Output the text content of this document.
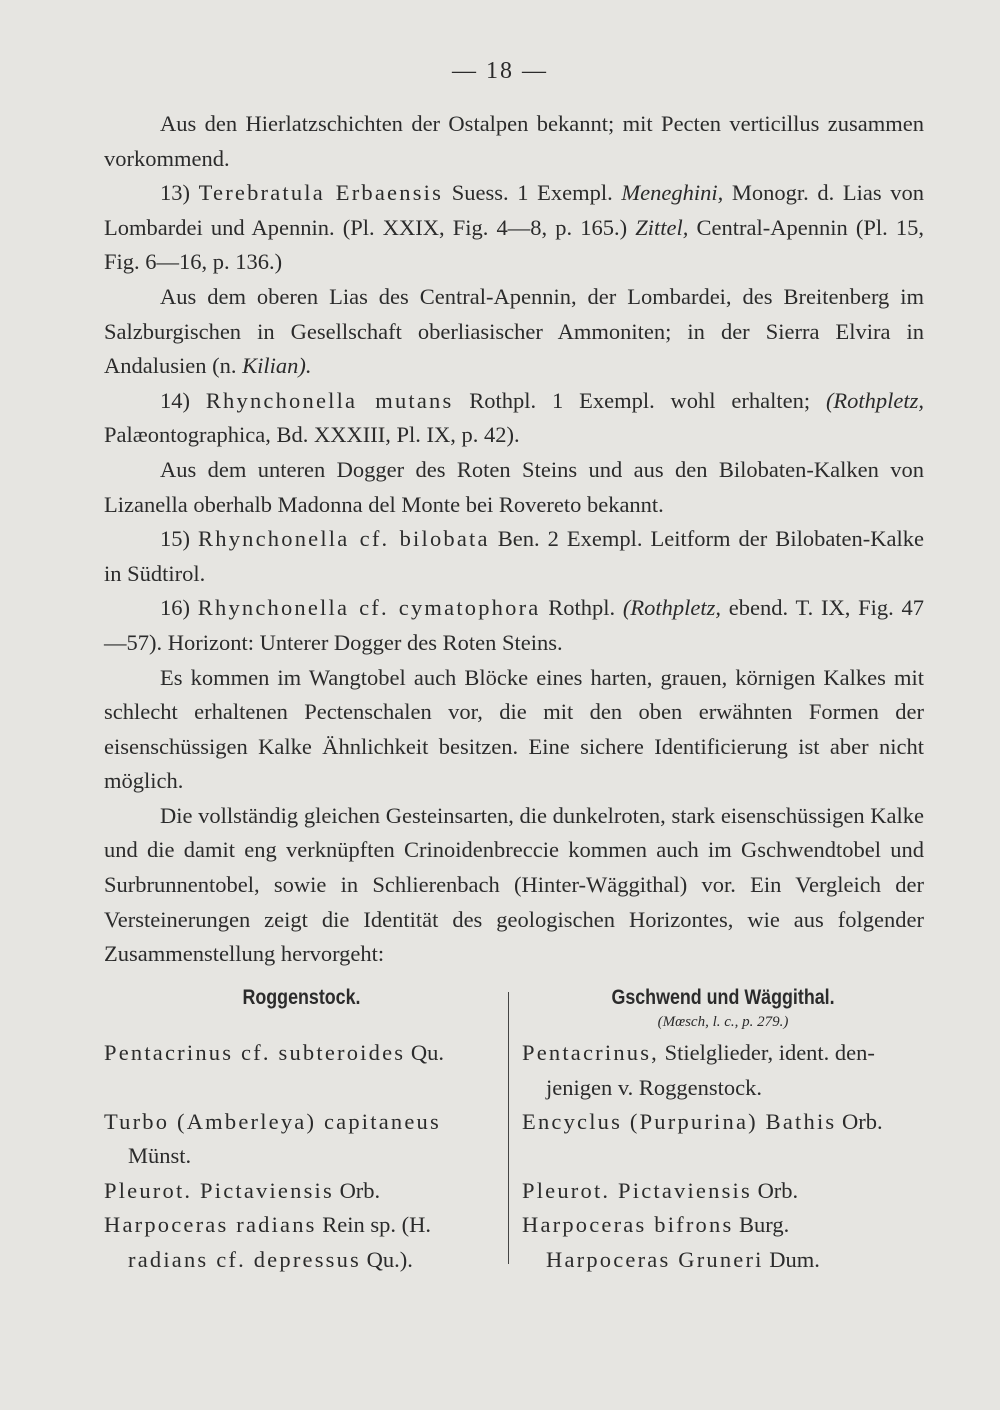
— 18 —

Aus den Hierlatzschichten der Ostalpen bekannt; mit Pecten verticillus zusammen vorkommend.

13) Terebratula Erbaensis Suess. 1 Exempl. Meneghini, Monogr. d. Lias von Lombardei und Apennin. (Pl. XXIX, Fig. 4—8, p. 165.) Zittel, Central-Apennin (Pl. 15, Fig. 6—16, p. 136.)

Aus dem oberen Lias des Central-Apennin, der Lombardei, des Breitenberg im Salzburgischen in Gesellschaft oberliasischer Ammoniten; in der Sierra Elvira in Andalusien (n. Kilian).

14) Rhynchonella mutans Rothpl. 1 Exempl. wohl erhalten; (Rothpletz, Palæontographica, Bd. XXXIII, Pl. IX, p. 42).

Aus dem unteren Dogger des Roten Steins und aus den Bilobaten-Kalken von Lizanella oberhalb Madonna del Monte bei Rovereto bekannt.

15) Rhynchonella cf. bilobata Ben. 2 Exempl. Leitform der Bilobaten-Kalke in Südtirol.

16) Rhynchonella cf. cymatophora Rothpl. (Rothpletz, ebend. T. IX, Fig. 47—57). Horizont: Unterer Dogger des Roten Steins.

Es kommen im Wangtobel auch Blöcke eines harten, grauen, körnigen Kalkes mit schlecht erhaltenen Pectenschalen vor, die mit den oben erwähnten Formen der eisenschüssigen Kalke Ähnlichkeit besitzen. Eine sichere Identificierung ist aber nicht möglich.

Die vollständig gleichen Gesteinsarten, die dunkelroten, stark eisenschüssigen Kalke und die damit eng verknüpften Crinoidenbreccie kommen auch im Gschwendtobel und Surbrunnentobel, sowie in Schlierenbach (Hinter-Wäggithal) vor. Ein Vergleich der Versteinerungen zeigt die Identität des geologischen Horizontes, wie aus folgender Zusammenstellung hervorgeht:

Roggenstock.
Pentacrinus cf. subteroides Qu.
Turbo (Amberleya) capitaneus
Münst.
Pleurot. Pictaviensis Orb.
Harpoceras radians Rein sp. (H.
radians cf. depressus Qu.).
Gschwend und Wäggithal.
(Mœsch, l. c., p. 279.)
Pentacrinus, Stielglieder, ident. den-
jenigen v. Roggenstock.
Encyclus (Purpurina) Bathis Orb.
Pleurot. Pictaviensis Orb.
Harpoceras bifrons Burg.
Harpoceras Gruneri Dum.
